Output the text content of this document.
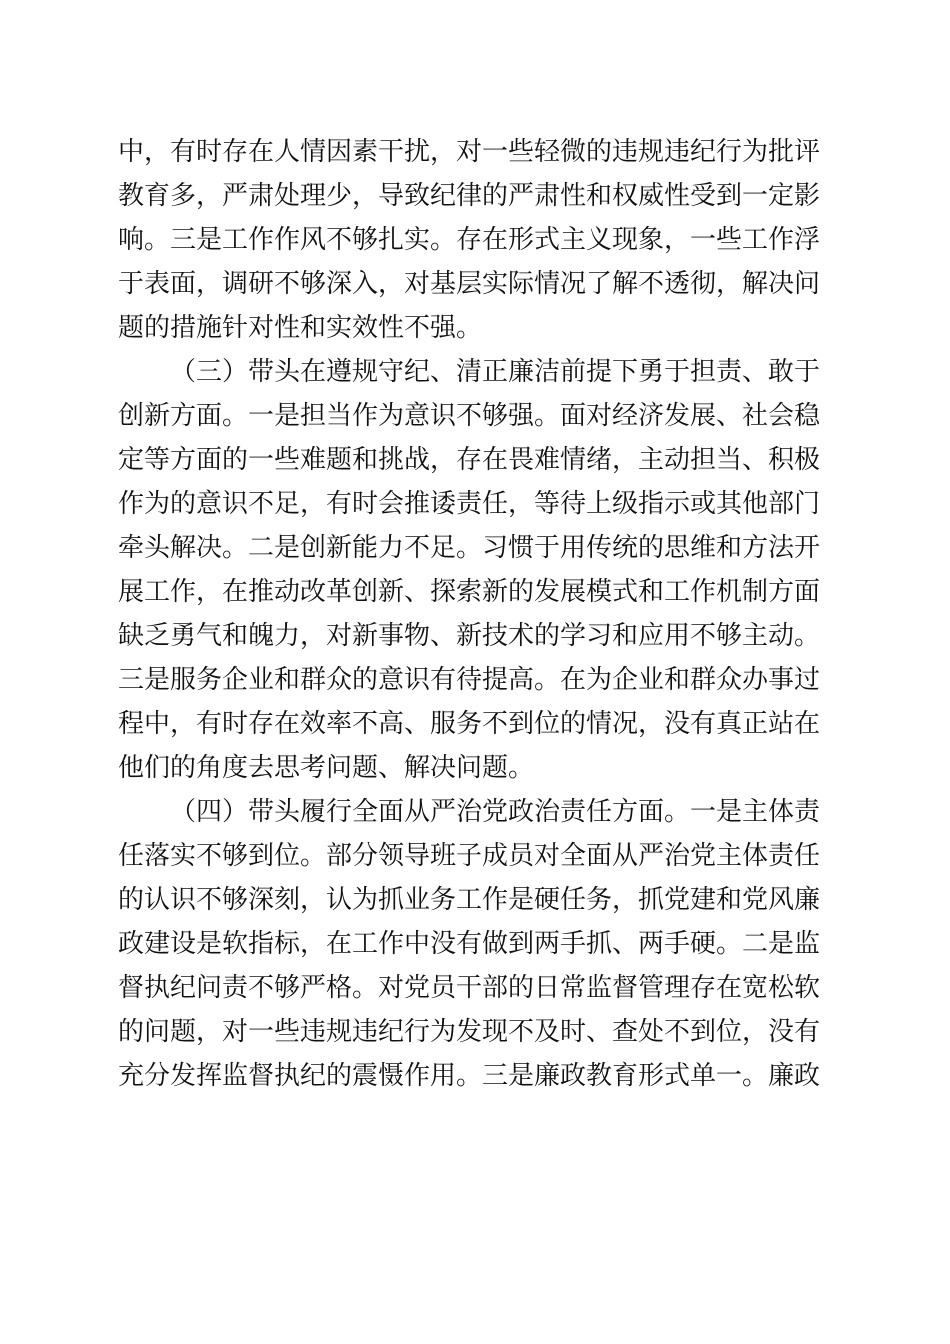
中，有时存在人情因素干扰，对一些轻微的违规违纪行为批评
教育多，严肃处理少，导致纪律的严肃性和权威性受到一定影
响。三是工作作风不够扎实。存在形式主义现象，一些工作浮
于表面，调研不够深入，对基层实际情况了解不透彻，解决问
题的措施针对性和实效性不强。
（三）带头在遵规守纪、清正廉洁前提下勇于担责、敢于
创新方面。一是担当作为意识不够强。面对经济发展、社会稳
定等方面的一些难题和挑战，存在畏难情绪，主动担当、积极
作为的意识不足，有时会推诿责任，等待上级指示或其他部门
牵头解决。二是创新能力不足。习惯于用传统的思维和方法开
展工作，在推动改革创新、探索新的发展模式和工作机制方面
缺乏勇气和魄力，对新事物、新技术的学习和应用不够主动。
三是服务企业和群众的意识有待提高。在为企业和群众办事过
程中，有时存在效率不高、服务不到位的情况，没有真正站在
他们的角度去思考问题、解决问题。
（四）带头履行全面从严治党政治责任方面。一是主体责
任落实不够到位。部分领导班子成员对全面从严治党主体责任
的认识不够深刻，认为抓业务工作是硬任务，抓党建和党风廉
政建设是软指标，在工作中没有做到两手抓、两手硬。二是监
督执纪问责不够严格。对党员干部的日常监督管理存在宽松软
的问题，对一些违规违纪行为发现不及时、查处不到位，没有
充分发挥监督执纪的震慑作用。三是廉政教育形式单一。廉政
